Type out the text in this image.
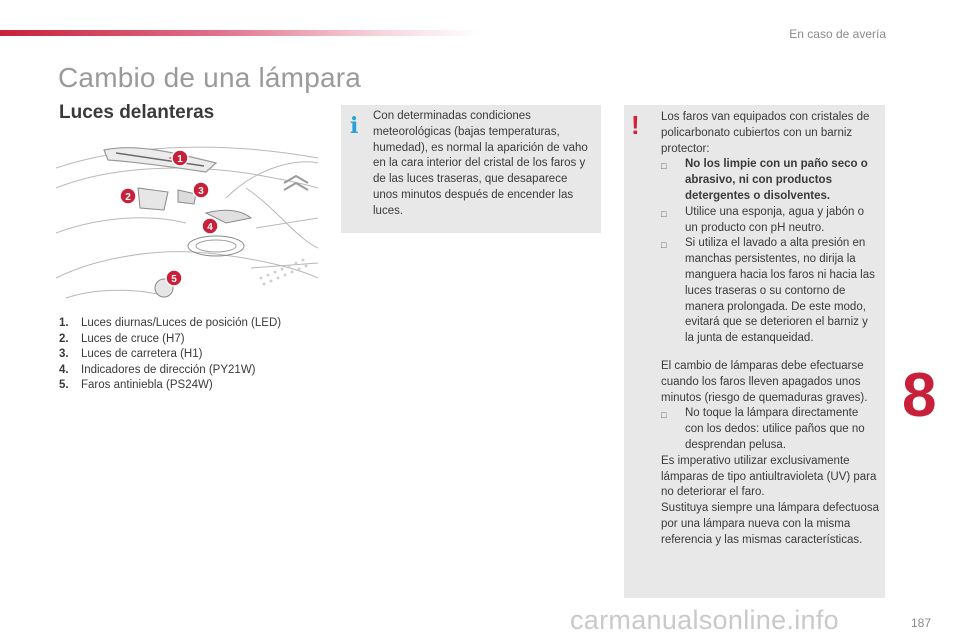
En caso de avería
Cambio de una lámpara
Luces delanteras
1
2
3
4
5
1. Luces diurnas/Luces de posición (LED)
2. Luces de cruce (H7)
3. Luces de carretera (H1)
4. Indicadores de dirección (PY21W)
5. Faros antiniebla (PS24W)
i	Con determinadas condiciones meteorológicas (bajas temperaturas, humedad), es normal la aparición de vaho en la cara interior del cristal de los faros y de las luces traseras, que desaparece unos minutos después de encender las luces.
! Los faros van equipados con cristales de policarbonato cubiertos con un barniz protector:

□	No los limpie con un paño seco o abrasivo, ni con productos detergentes o disolventes.
□	Utilice una esponja, agua y jabón o un producto con pH neutro.
□	Si utiliza el lavado a alta presión en manchas persistentes, no dirija la manguera hacia los faros ni hacia las luces traseras o su contorno de manera prolongada. De este modo, evitará que se deterioren el barniz y la junta de estanqueidad.

El cambio de lámparas debe efectuarse cuando los faros lleven apagados unos minutos (riesgo de quemaduras graves).

□	No toque la lámpara directamente con los dedos: utilice paños que no desprendan pelusa.

Es imperativo utilizar exclusivamente lámparas de tipo antiultravioleta (UV) para no deteriorar el faro.

Sustituya siempre una lámpara defectuosa por una lámpara nueva con la misma referencia y las mismas características.

8
187
carmanualsonline.info
